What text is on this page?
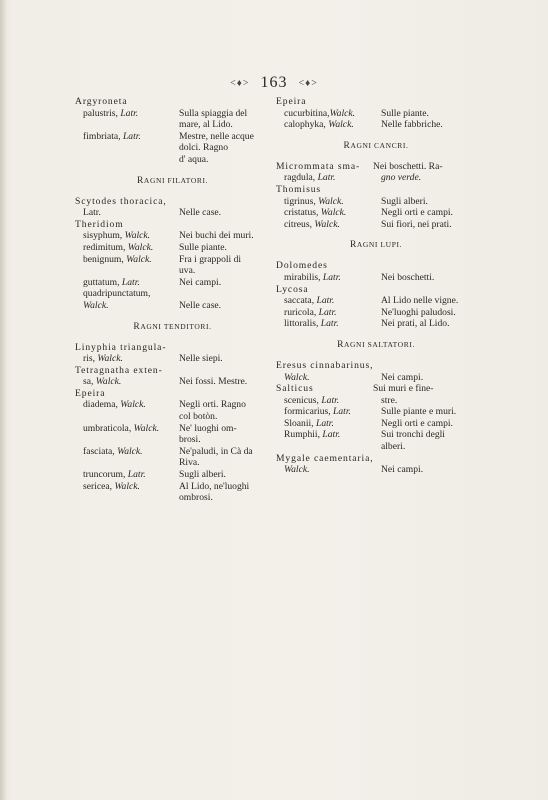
<♦> 163 <♦>
Argyroneta
palustris, Latr.	Sulla spiaggia del
mare, al Lido.
fimbriata, Latr.	Mestre, nelle acque
dolci. Ragno
d' aqua.
RAGNI FILATORI.
Scytodes thoracica,
Latr.	Nelle case.
Theridiom
sisyphum, Walck.	Nei buchi dei muri.
redimitum, Walck.	Sulle piante.
benignum, Walck.	Fra i grappoli di
uva.
guttatum, Latr.	Nei campi.
quadripunctatum,
Walck.	Nelle case.
RAGNI TENDITORI.
Linyphia triangula-
ris, Walck.	Nelle siepi.
Tetragnatha exten-
sa, Walck.	Nei fossi. Mestre.
Epeira
diadema, Walck.	Negli orti. Ragno
col botòn.
umbraticola, Walck.	Ne' luoghi om-
brosi.
fasciata, Walck.	Ne'paludi, in Cà da
Riva.
truncorum, Latr.	Sugli alberi.
sericea, Walck.	Al Lido, ne'luoghi
ombrosi.
Epeira
cucurbitina,Walck.	Sulle piante.
calophyka, Walck.	Nelle fabbriche.
RAGNI CANCRI.
Micrommata sma-	Nei boschetti. Ra-
ragdula, Latr.	gno verde.
Thomisus
tigrinus, Walck.	Sugli alberi.
cristatus, Walck.	Negli orti e campi.
citreus, Walck.	Sui fiori, nei prati.
RAGNI LUPI.
Dolomedes
mirabilis, Latr.	Nei boschetti.
Lycosa
saccata, Latr.	Al Lido nelle vigne.
ruricola, Latr.	Ne'luoghi paludosi.
littoralis, Latr.	Nei prati, al Lido.
RAGNI SALTATORI.
Eresus cinnabarinus,
Walck.	Nei campi.
Salticus	Sui muri e fine-
scenicus, Latr.	stre.
formicarius, Latr.	Sulle piante e muri.
Sloanii, Latr.	Negli orti e campi.
Rumphii, Latr.	Sui tronchi degli
alberi.
Mygale caementaria,
Walck.	Nei campi.
